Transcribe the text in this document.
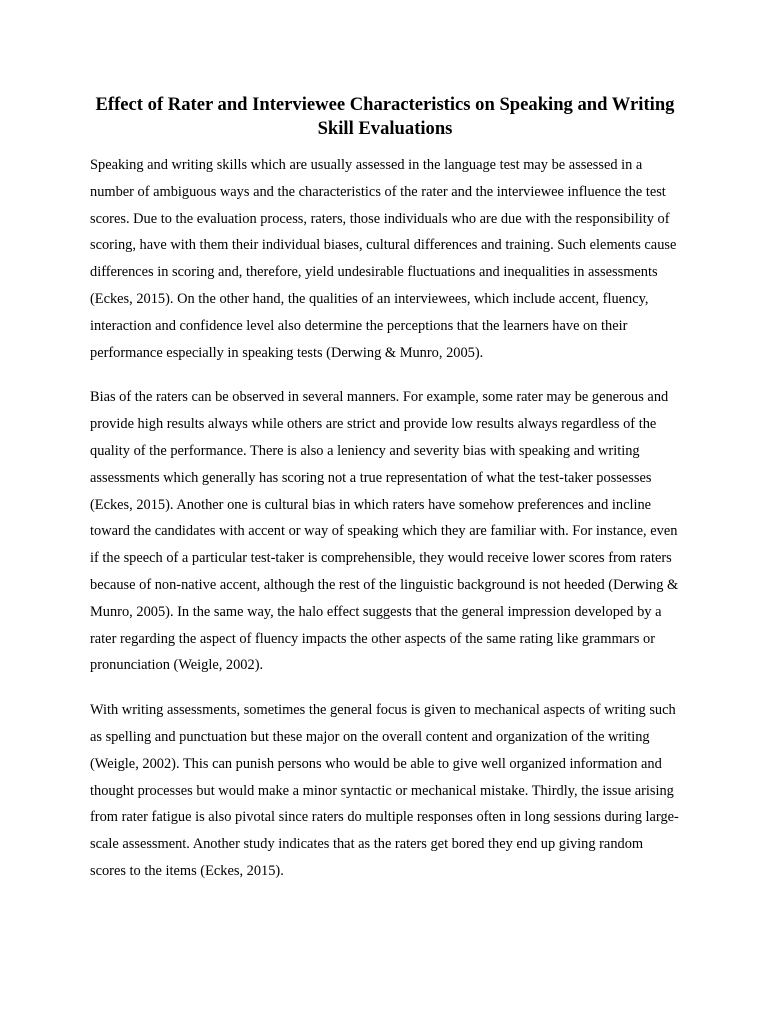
Effect of Rater and Interviewee Characteristics on Speaking and Writing Skill Evaluations

Speaking and writing skills which are usually assessed in the language test may be assessed in a number of ambiguous ways and the characteristics of the rater and the interviewee influence the test scores. Due to the evaluation process, raters, those individuals who are due with the responsibility of scoring, have with them their individual biases, cultural differences and training. Such elements cause differences in scoring and, therefore, yield undesirable fluctuations and inequalities in assessments (Eckes, 2015). On the other hand, the qualities of an interviewees, which include accent, fluency, interaction and confidence level also determine the perceptions that the learners have on their performance especially in speaking tests (Derwing & Munro, 2005).

Bias of the raters can be observed in several manners. For example, some rater may be generous and provide high results always while others are strict and provide low results always regardless of the quality of the performance. There is also a leniency and severity bias with speaking and writing assessments which generally has scoring not a true representation of what the test-taker possesses (Eckes, 2015). Another one is cultural bias in which raters have somehow preferences and incline toward the candidates with accent or way of speaking which they are familiar with. For instance, even if the speech of a particular test-taker is comprehensible, they would receive lower scores from raters because of non-native accent, although the rest of the linguistic background is not heeded (Derwing & Munro, 2005). In the same way, the halo effect suggests that the general impression developed by a rater regarding the aspect of fluency impacts the other aspects of the same rating like grammars or pronunciation (Weigle, 2002).

With writing assessments, sometimes the general focus is given to mechanical aspects of writing such as spelling and punctuation but these major on the overall content and organization of the writing (Weigle, 2002). This can punish persons who would be able to give well organized information and thought processes but would make a minor syntactic or mechanical mistake. Thirdly, the issue arising from rater fatigue is also pivotal since raters do multiple responses often in long sessions during large-scale assessment. Another study indicates that as the raters get bored they end up giving random scores to the items (Eckes, 2015).
